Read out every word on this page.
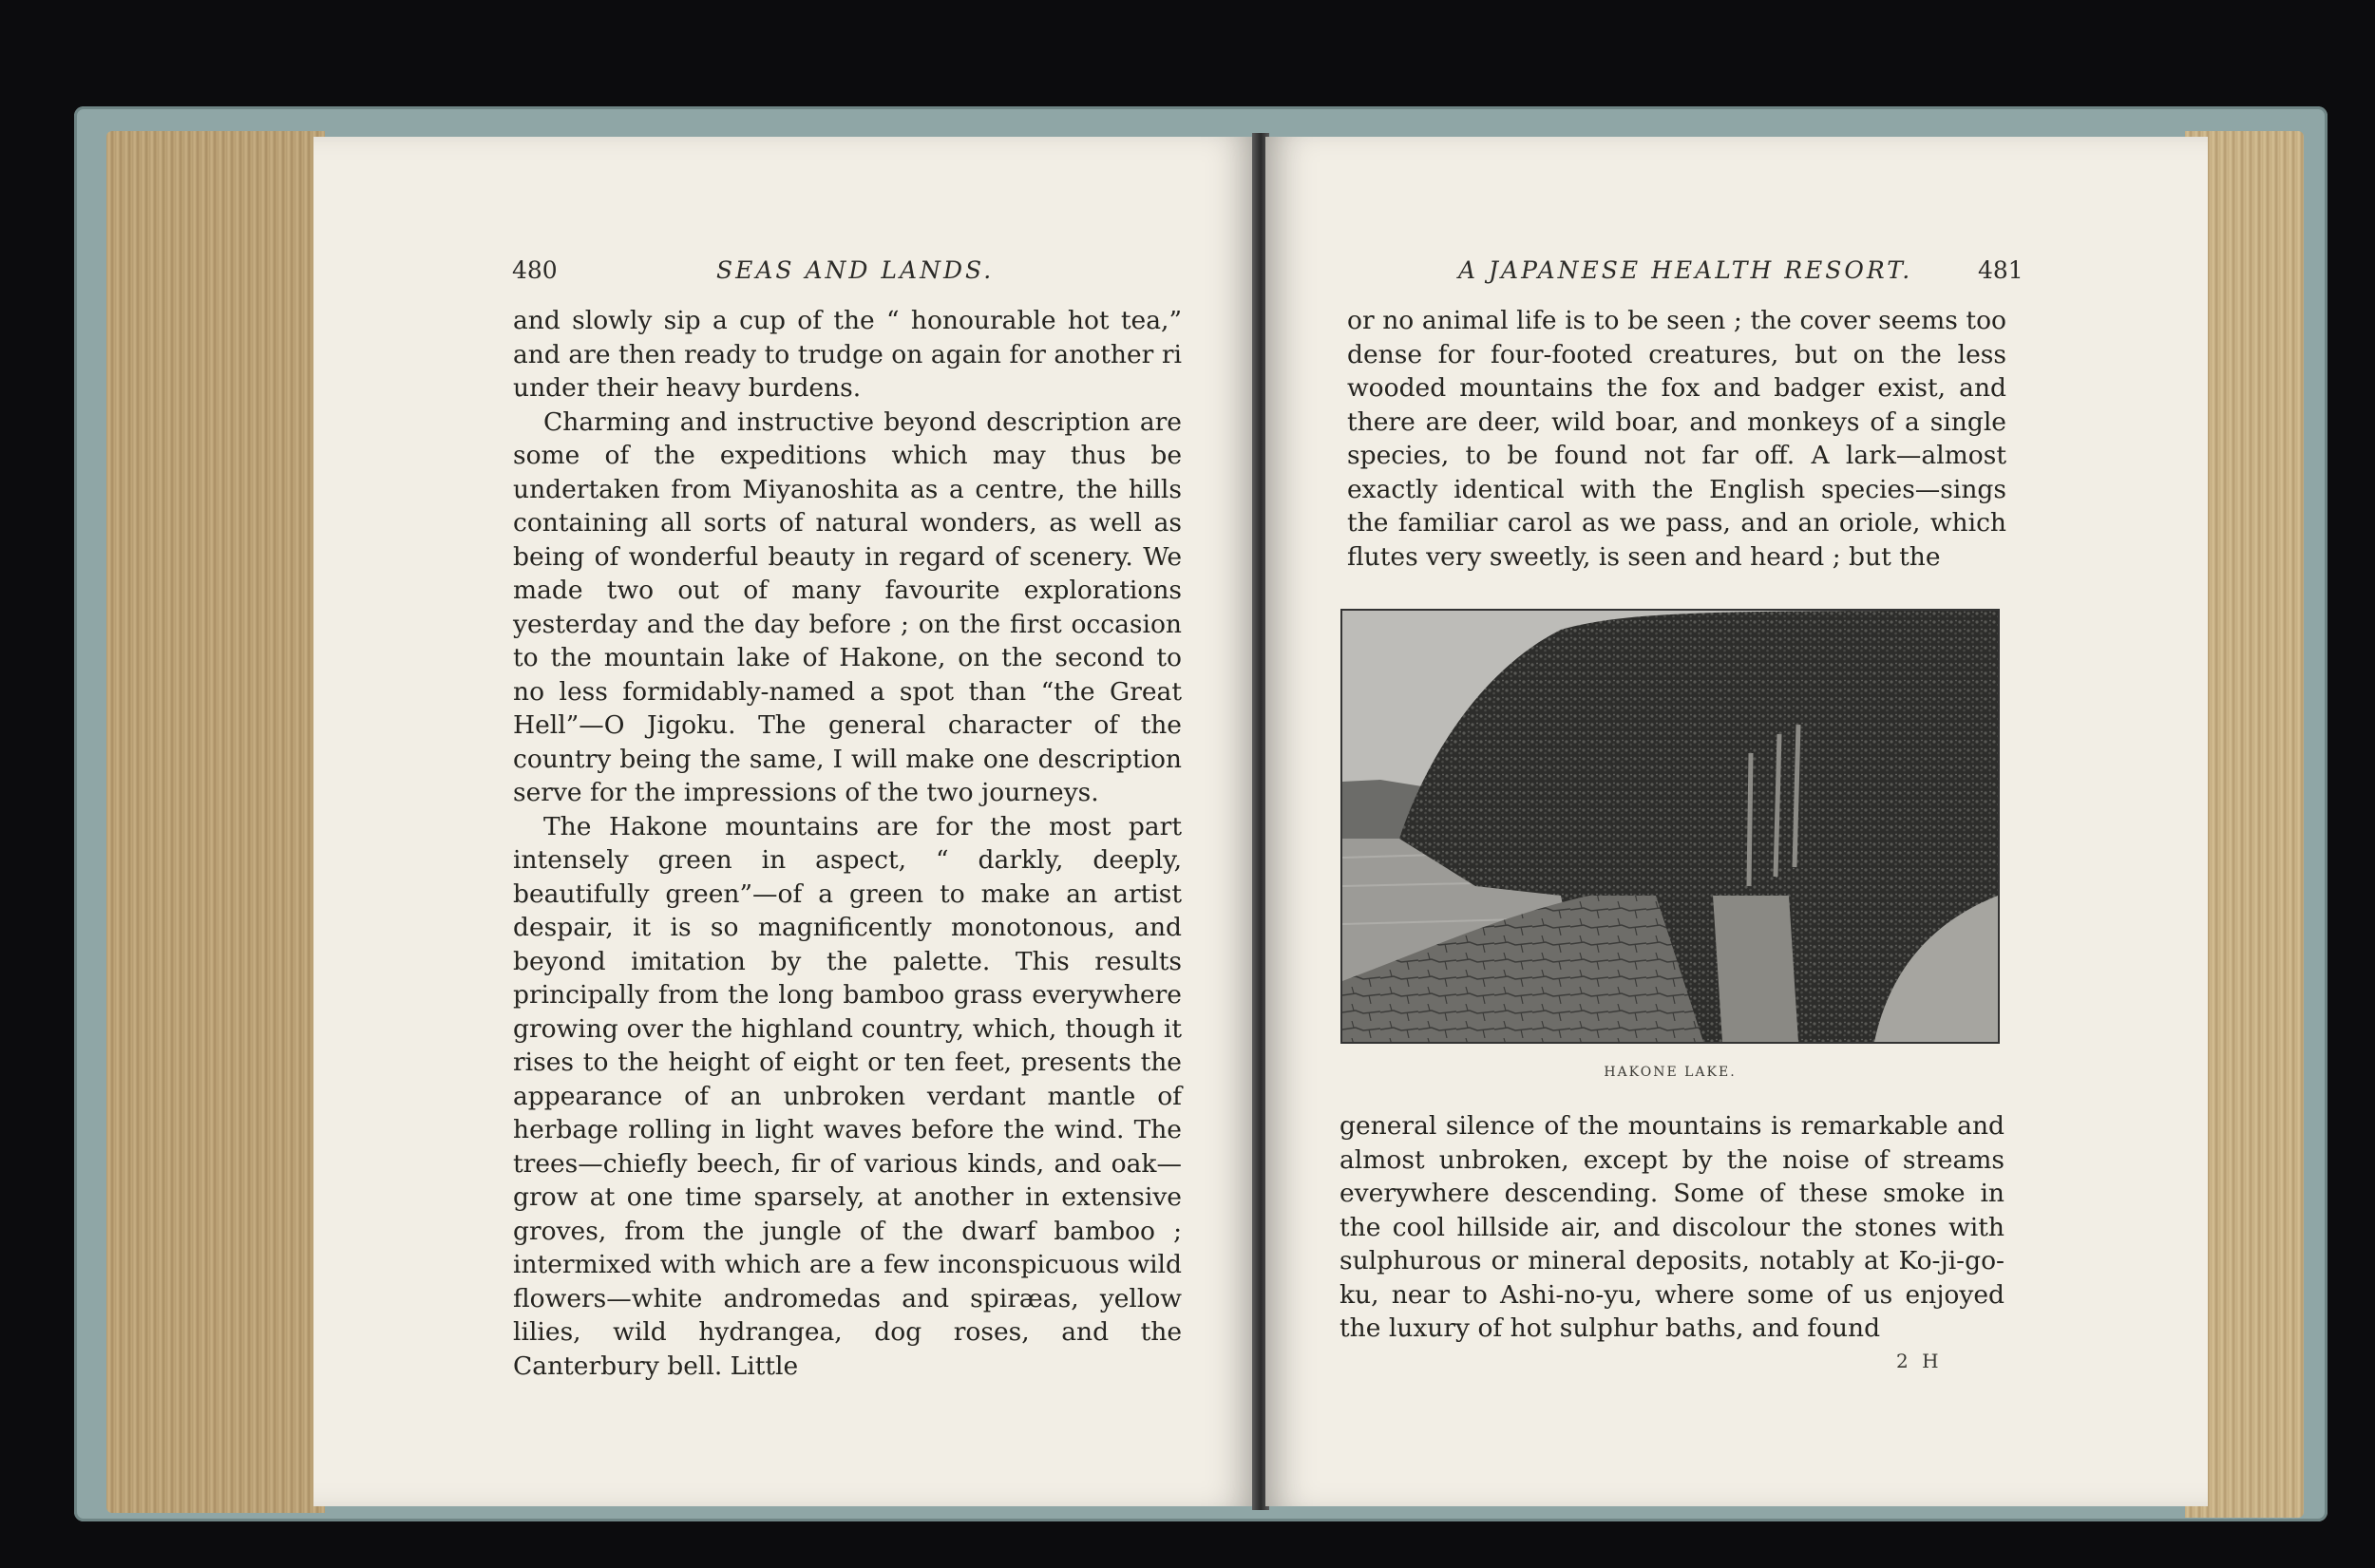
480	SEAS AND LANDS.

and slowly sip a cup of the “ honourable hot tea,” and are then ready to trudge on again for another ri under their heavy burdens.

Charming and instructive beyond description are some of the expeditions which may thus be undertaken from Miyanoshita as a centre, the hills containing all sorts of natural wonders, as well as being of wonderful beauty in regard of scenery. We made two out of many favourite explorations yesterday and the day before ; on the first occasion to the mountain lake of Hakone, on the second to no less formidably-named a spot than “the Great Hell”—O Jigoku. The general character of the country being the same, I will make one description serve for the impressions of the two journeys.

The Hakone mountains are for the most part intensely green in aspect, “ darkly, deeply, beautifully green”—of a green to make an artist despair, it is so magnificently monotonous, and beyond imitation by the palette. This results principally from the long bamboo grass everywhere growing over the highland country, which, though it rises to the height of eight or ten feet, presents the appearance of an unbroken verdant mantle of herbage rolling in light waves before the wind. The trees—chiefly beech, fir of various kinds, and oak—grow at one time sparsely, at another in extensive groves, from the jungle of the dwarf bamboo ; intermixed with which are a few inconspicuous wild flowers—white andromedas and spiræas, yellow lilies, wild hydrangea, dog roses, and the Canterbury bell. Little

A JAPANESE HEALTH RESORT.	481

or no animal life is to be seen ; the cover seems too dense for four-footed creatures, but on the less wooded mountains the fox and badger exist, and there are deer, wild boar, and monkeys of a single species, to be found not far off. A lark—almost exactly identical with the English species—sings the familiar carol as we pass, and an oriole, which flutes very sweetly, is seen and heard ; but the

HAKONE LAKE.

general silence of the mountains is remarkable and almost unbroken, except by the noise of streams everywhere descending. Some of these smoke in the cool hillside air, and discolour the stones with sulphurous or mineral deposits, notably at Ko-ji-go-ku, near to Ashi-no-yu, where some of us enjoyed the luxury of hot sulphur baths, and found

2 H
